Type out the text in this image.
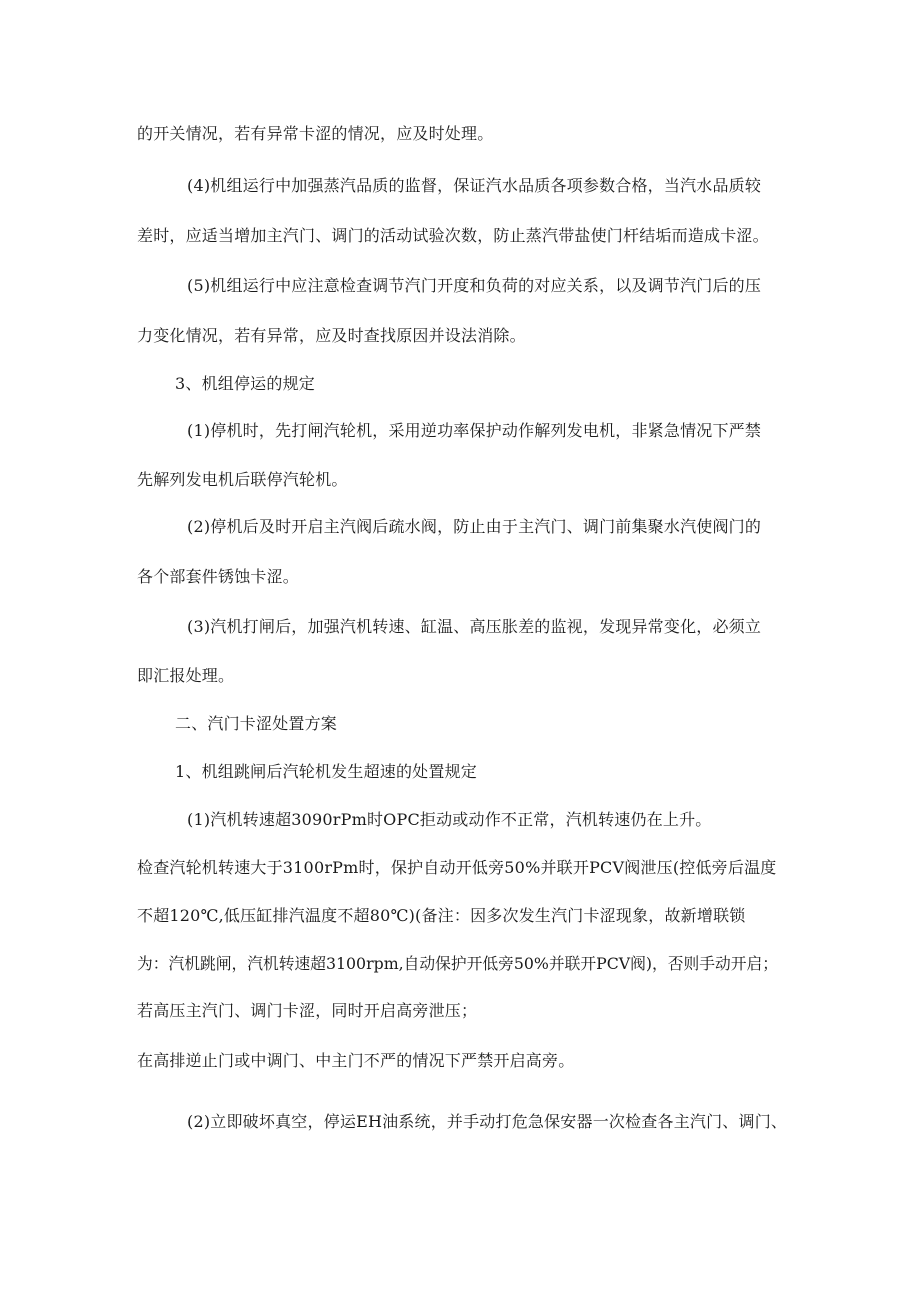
的开关情况，若有异常卡涩的情况，应及时处理。
(4)机组运行中加强蒸汽品质的监督，保证汽水品质各项参数合格，当汽水品质较
差时，应适当增加主汽门、调门的活动试验次数，防止蒸汽带盐使门杆结垢而造成卡涩。
(5)机组运行中应注意检查调节汽门开度和负荷的对应关系，以及调节汽门后的压
力变化情况，若有异常，应及时查找原因并设法消除。
3、机组停运的规定
(1)停机时，先打闸汽轮机，采用逆功率保护动作解列发电机，非紧急情况下严禁
先解列发电机后联停汽轮机。
(2)停机后及时开启主汽阀后疏水阀，防止由于主汽门、调门前集聚水汽使阀门的
各个部套件锈蚀卡涩。
(3)汽机打闸后，加强汽机转速、缸温、高压胀差的监视，发现异常变化，必须立
即汇报处理。
二、汽门卡涩处置方案
1、机组跳闸后汽轮机发生超速的处置规定
(1)汽机转速超3090rPm时OPC拒动或动作不正常，汽机转速仍在上升。
检查汽轮机转速大于3100rPm时，保护自动开低旁50%并联开PCV阀泄压(控低旁后温度
不超120℃,低压缸排汽温度不超80℃)(备注：因多次发生汽门卡涩现象，故新增联锁
为：汽机跳闸，汽机转速超3100rpm,自动保护开低旁50%并联开PCV阀)，否则手动开启；
若高压主汽门、调门卡涩，同时开启高旁泄压；
在高排逆止门或中调门、中主门不严的情况下严禁开启高旁。
(2)立即破坏真空，停运EH油系统，并手动打危急保安器一次检查各主汽门、调门、
